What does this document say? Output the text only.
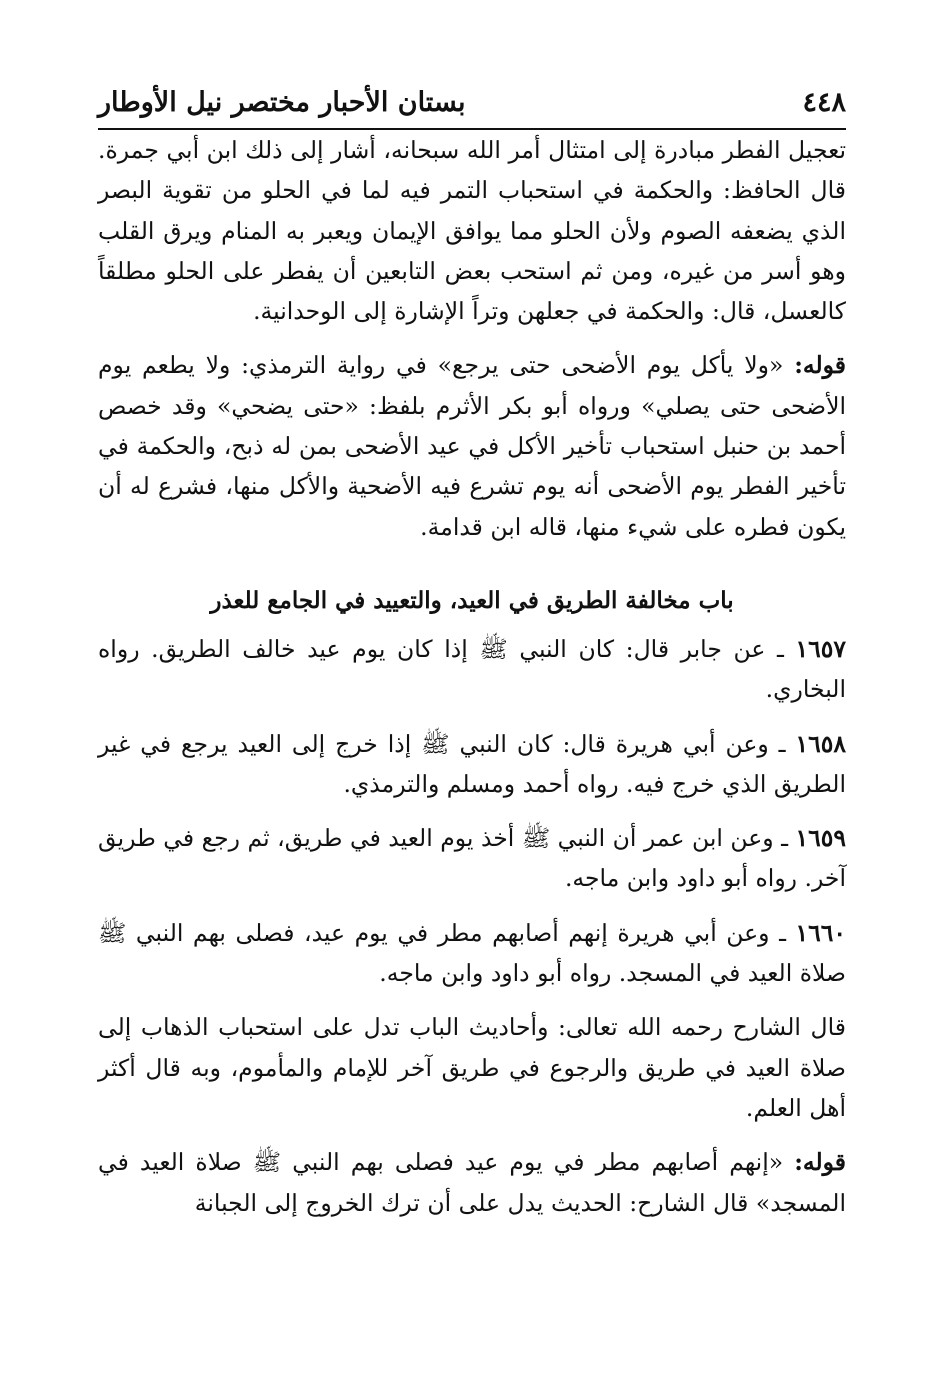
٤٤٨
بستان الأحبار مختصر نيل الأوطار

تعجيل الفطر مبادرة إلى امتثال أمر الله سبحانه، أشار إلى ذلك ابن أبي جمرة. قال الحافظ: والحكمة في استحباب التمر فيه لما في الحلو من تقوية البصر الذي يضعفه الصوم ولأن الحلو مما يوافق الإيمان ويعبر به المنام ويرق القلب وهو أسر من غيره، ومن ثم استحب بعض التابعين أن يفطر على الحلو مطلقاً كالعسل، قال: والحكمة في جعلهن وتراً الإشارة إلى الوحدانية.

قوله: «ولا يأكل يوم الأضحى حتى يرجع» في رواية الترمذي: ولا يطعم يوم الأضحى حتى يصلي» ورواه أبو بكر الأثرم بلفظ: «حتى يضحي» وقد خصص أحمد بن حنبل استحباب تأخير الأكل في عيد الأضحى بمن له ذبح، والحكمة في تأخير الفطر يوم الأضحى أنه يوم تشرع فيه الأضحية والأكل منها، فشرع له أن يكون فطره على شيء منها، قاله ابن قدامة.

باب مخالفة الطريق في العيد، والتعييد في الجامع للعذر

١٦٥٧ ـ عن جابر قال: كان النبي ﷺ إذا كان يوم عيد خالف الطريق. رواه البخاري.

١٦٥٨ ـ وعن أبي هريرة قال: كان النبي ﷺ إذا خرج إلى العيد يرجع في غير الطريق الذي خرج فيه. رواه أحمد ومسلم والترمذي.

١٦٥٩ ـ وعن ابن عمر أن النبي ﷺ أخذ يوم العيد في طريق، ثم رجع في طريق آخر. رواه أبو داود وابن ماجه.

١٦٦٠ ـ وعن أبي هريرة إنهم أصابهم مطر في يوم عيد، فصلى بهم النبي ﷺ صلاة العيد في المسجد. رواه أبو داود وابن ماجه.

قال الشارح رحمه الله تعالى: وأحاديث الباب تدل على استحباب الذهاب إلى صلاة العيد في طريق والرجوع في طريق آخر للإمام والمأموم، وبه قال أكثر أهل العلم.

قوله: «إنهم أصابهم مطر في يوم عيد فصلى بهم النبي ﷺ صلاة العيد في المسجد» قال الشارح: الحديث يدل على أن ترك الخروج إلى الجبانة
